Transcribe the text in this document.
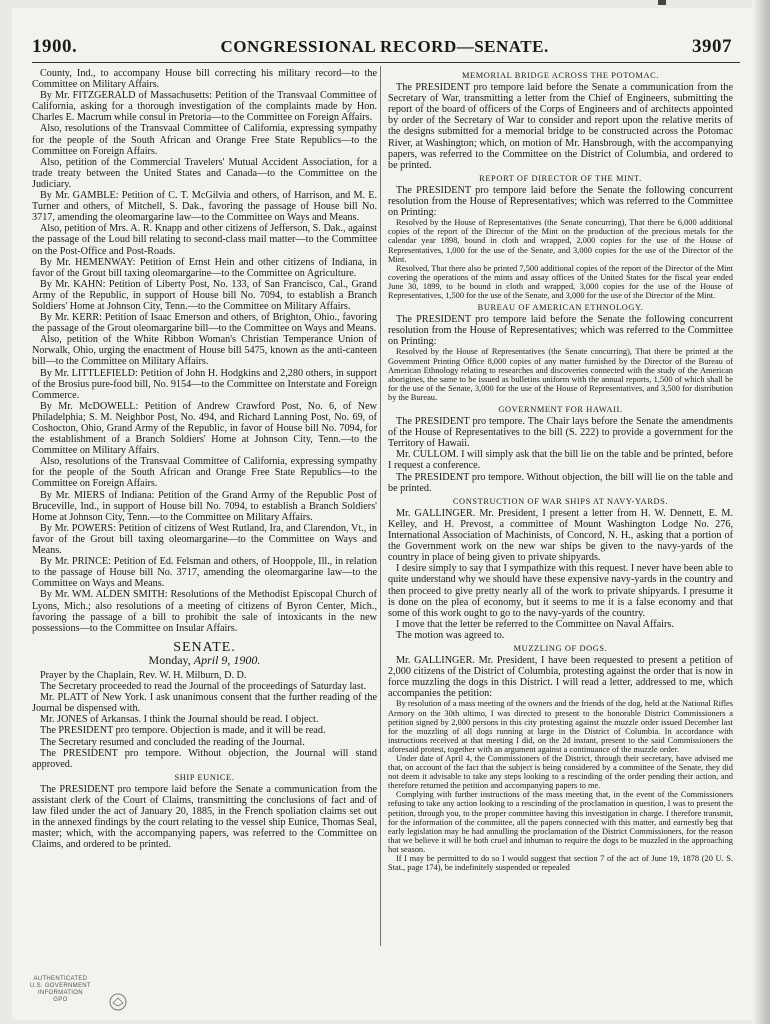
1900.	CONGRESSIONAL RECORD—SENATE.	3907

County, Ind., to accompany House bill correcting his military record—to the Committee on Military Affairs.

By Mr. FITZGERALD of Massachusetts: Petition of the Transvaal Committee of California, asking for a thorough investigation of the complaints made by Hon. Charles E. Macrum while consul in Pretoria—to the Committee on Foreign Affairs.

Also, resolutions of the Transvaal Committee of California, expressing sympathy for the people of the South African and Orange Free State Republics—to the Committee on Foreign Affairs.

Also, petition of the Commercial Travelers' Mutual Accident Association, for a trade treaty between the United States and Canada—to the Committee on the Judiciary.

By Mr. GAMBLE: Petition of C. T. McGilvia and others, of Harrison, and M. E. Turner and others, of Mitchell, S. Dak., favoring the passage of House bill No. 3717, amending the oleomargarine law—to the Committee on Ways and Means.

Also, petition of Mrs. A. R. Knapp and other citizens of Jefferson, S. Dak., against the passage of the Loud bill relating to second-class mail matter—to the Committee on the Post-Office and Post-Roads.

By Mr. HEMENWAY: Petition of Ernst Hein and other citizens of Indiana, in favor of the Grout bill taxing oleomargarine—to the Committee on Agriculture.

By Mr. KAHN: Petition of Liberty Post, No. 133, of San Francisco, Cal., Grand Army of the Republic, in support of House bill No. 7094, to establish a Branch Soldiers' Home at Johnson City, Tenn.—to the Committee on Military Affairs.

By Mr. KERR: Petition of Isaac Emerson and others, of Brighton, Ohio., favoring the passage of the Grout oleomargarine bill—to the Committee on Ways and Means.

Also, petition of the White Ribbon Woman's Christian Temperance Union of Norwalk, Ohio, urging the enactment of House bill 5475, known as the anti-canteen bill—to the Committee on Military Affairs.

By Mr. LITTLEFIELD: Petition of John H. Hodgkins and 2,280 others, in support of the Brosius pure-food bill, No. 9154—to the Committee on Interstate and Foreign Commerce.

By Mr. McDOWELL: Petition of Andrew Crawford Post, No. 6, of New Philadelphia; S. M. Neighbor Post, No. 494, and Richard Lanning Post, No. 69, of Coshocton, Ohio, Grand Army of the Republic, in favor of House bill No. 7094, for the establishment of a Branch Soldiers' Home at Johnson City, Tenn.—to the Committee on Military Affairs.

Also, resolutions of the Transvaal Committee of California, expressing sympathy for the people of the South African and Orange Free State Republics—to the Committee on Foreign Affairs.

By Mr. MIERS of Indiana: Petition of the Grand Army of the Republic Post of Bruceville, Ind., in support of House bill No. 7094, to establish a Branch Soldiers' Home at Johnson City, Tenn.—to the Committee on Military Affairs.

By Mr. POWERS: Petition of citizens of West Rutland, Ira, and Clarendon, Vt., in favor of the Grout bill taxing oleomargarine—to the Committee on Ways and Means.

By Mr. PRINCE: Petition of Ed. Felsman and others, of Hooppole, Ill., in relation to the passage of House bill No. 3717, amending the oleomargarine law—to the Committee on Ways and Means.

By Mr. WM. ALDEN SMITH: Resolutions of the Methodist Episcopal Church of Lyons, Mich.; also resolutions of a meeting of citizens of Byron Center, Mich., favoring the passage of a bill to prohibit the sale of intoxicants in the new possessions—to the Committee on Insular Affairs.

SENATE.
Monday, April 9, 1900.

Prayer by the Chaplain, Rev. W. H. Milburn, D. D.

The Secretary proceeded to read the Journal of the proceedings of Saturday last.

Mr. PLATT of New York. I ask unanimous consent that the further reading of the Journal be dispensed with.

Mr. JONES of Arkansas. I think the Journal should be read. I object.

The PRESIDENT pro tempore. Objection is made, and it will be read.

The Secretary resumed and concluded the reading of the Journal.

The PRESIDENT pro tempore. Without objection, the Journal will stand approved.

SHIP EUNICE.

The PRESIDENT pro tempore laid before the Senate a communication from the assistant clerk of the Court of Claims, transmitting the conclusions of fact and of law filed under the act of January 20, 1885, in the French spoliation claims set out in the annexed findings by the court relating to the vessel ship Eunice, Thomas Seal, master; which, with the accompanying papers, was referred to the Committee on Claims, and ordered to be printed.

MEMORIAL BRIDGE ACROSS THE POTOMAC.

The PRESIDENT pro tempore laid before the Senate a communication from the Secretary of War, transmitting a letter from the Chief of Engineers, submitting the report of the board of officers of the Corps of Engineers and of architects appointed by order of the Secretary of War to consider and report upon the relative merits of the designs submitted for a memorial bridge to be constructed across the Potomac River, at Washington; which, on motion of Mr. Hansbrough, with the accompanying papers, was referred to the Committee on the District of Columbia, and ordered to be printed.

REPORT OF DIRECTOR OF THE MINT.

The PRESIDENT pro tempore laid before the Senate the following concurrent resolution from the House of Representatives; which was referred to the Committee on Printing:

Resolved by the House of Representatives (the Senate concurring), That there be 6,000 additional copies of the report of the Director of the Mint on the production of the precious metals for the calendar year 1898, bound in cloth and wrapped, 2,000 copies for the use of the House of Representatives, 1,000 for the use of the Senate, and 3,000 copies for the use of the Director of the Mint.

Resolved, That there also be printed 7,500 additional copies of the report of the Director of the Mint covering the operations of the mints and assay offices of the United States for the fiscal year ended June 30, 1899, to be bound in cloth and wrapped, 3,000 copies for the use of the House of Representatives, 1,500 for the use of the Senate, and 3,000 for the use of the Director of the Mint.

BUREAU OF AMERICAN ETHNOLOGY.

The PRESIDENT pro tempore laid before the Senate the following concurrent resolution from the House of Representatives; which was referred to the Committee on Printing:

Resolved by the House of Representatives (the Senate concurring), That there be printed at the Government Printing Office 8,000 copies of any matter furnished by the Director of the Bureau of American Ethnology relating to researches and discoveries connected with the study of the American aborigines, the same to be issued as bulletins uniform with the annual reports, 1,500 of which shall be for the use of the Senate, 3,000 for the use of the House of Representatives, and 3,500 for distribution by the Bureau.

GOVERNMENT FOR HAWAII.

The PRESIDENT pro tempore. The Chair lays before the Senate the amendments of the House of Representatives to the bill (S. 222) to provide a government for the Territory of Hawaii.

Mr. CULLOM. I will simply ask that the bill lie on the table and be printed, before I request a conference.

The PRESIDENT pro tempore. Without objection, the bill will lie on the table and be printed.

CONSTRUCTION OF WAR SHIPS AT NAVY-YARDS.

Mr. GALLINGER. Mr. President, I present a letter from H. W. Dennett, E. M. Kelley, and H. Prevost, a committee of Mount Washington Lodge No. 276, International Association of Machinists, of Concord, N. H., asking that a portion of the Government work on the new war ships be given to the navy-yards of the country in place of being given to private shipyards.

I desire simply to say that I sympathize with this request. I never have been able to quite understand why we should have these expensive navy-yards in the country and then proceed to give pretty nearly all of the work to private shipyards. I presume it is done on the plea of economy, but it seems to me it is a false economy and that some of this work ought to go to the navy-yards of the country.

I move that the letter be referred to the Committee on Naval Affairs.

The motion was agreed to.

MUZZLING OF DOGS.

Mr. GALLINGER. Mr. President, I have been requested to present a petition of 2,000 citizens of the District of Columbia, protesting against the order that is now in force muzzling the dogs in this District. I will read a letter, addressed to me, which accompanies the petition:

By resolution of a mass meeting of the owners and the friends of the dog, held at the National Rifles Armory on the 30th ultimo, I was directed to present to the honorable District Commissioners a petition signed by 2,000 persons in this city protesting against the muzzle order issued December last for the muzzling of all dogs running at large in the District of Columbia. In accordance with instructions received at that meeting I did, on the 2d instant, present to the said Commissioners the aforesaid protest, together with an argument against a continuance of the muzzle order.

Under date of April 4, the Commissioners of the District, through their secretary, have advised me that, on account of the fact that the subject is being considered by a committee of the Senate, they did not deem it advisable to take any steps looking to a rescinding of the order pending their action, and therefore returned the petition and accompanying papers to me.

Complying with further instructions of the mass meeting that, in the event of the Commissioners refusing to take any action looking to a rescinding of the proclamation in question, I was to present the petition, through you, to the proper committee having this investigation in charge. I therefore transmit, for the information of the committee, all the papers connected with this matter, and earnestly beg that early legislation may be had annulling the proclamation of the District Commissioners, for the reason that we believe it will be both cruel and inhuman to require the dogs to be muzzled in the approaching hot season.

If I may be permitted to do so I would suggest that section 7 of the act of June 19, 1878 (20 U. S. Stat., page 174), be indefinitely suspended or repealed

AUTHENTICATED
U.S. GOVERNMENT
INFORMATION
GPO
